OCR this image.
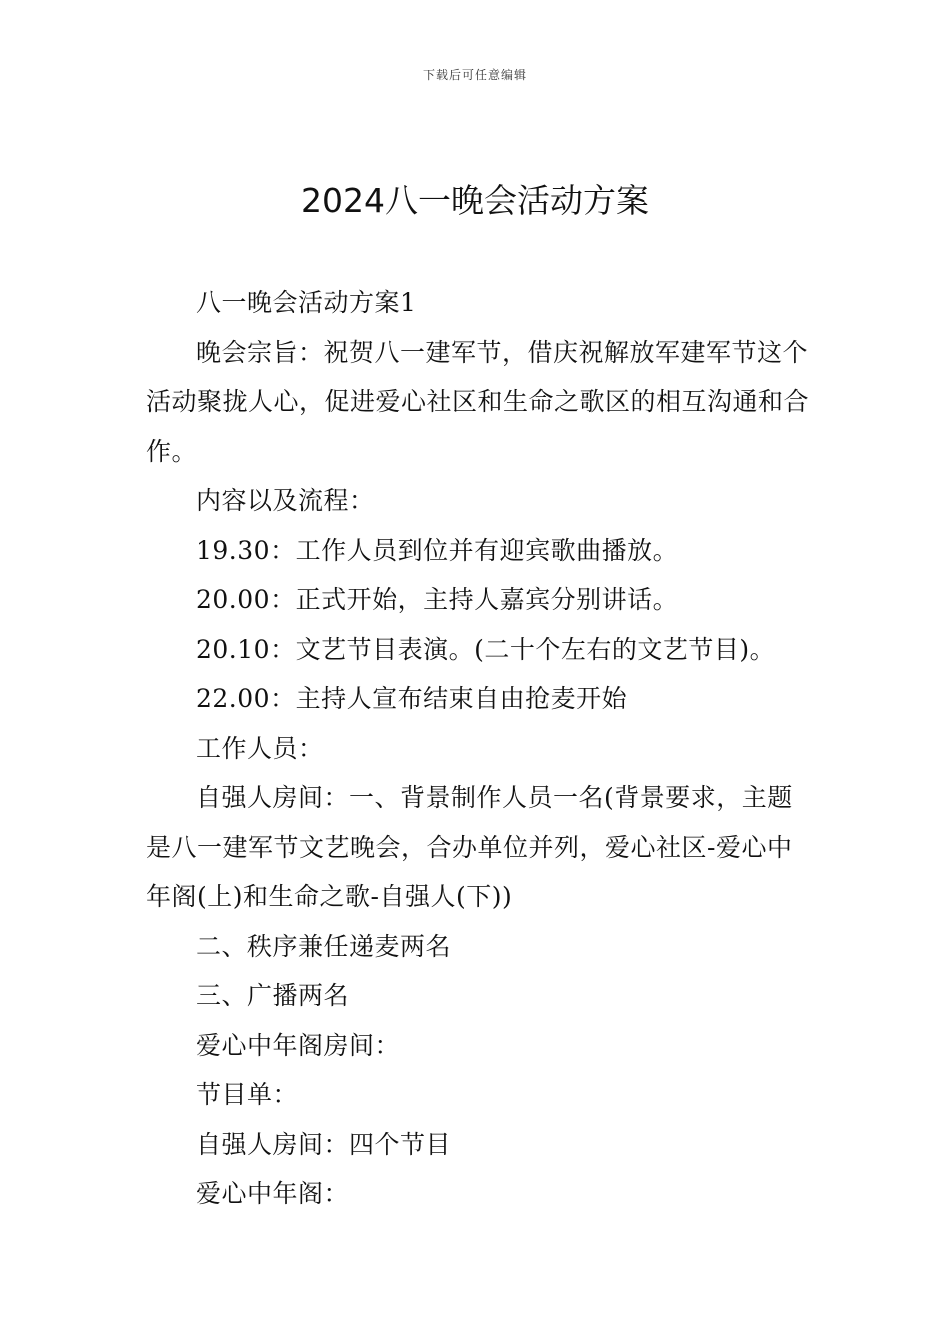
下载后可任意编辑
2024八一晚会活动方案

八一晚会活动方案1

晚会宗旨：祝贺八一建军节，借庆祝解放军建军节这个活动聚拢人心，促进爱心社区和生命之歌区的相互沟通和合作。

内容以及流程：

19.30：工作人员到位并有迎宾歌曲播放。

20.00：正式开始，主持人嘉宾分别讲话。

20.10：文艺节目表演。(二十个左右的文艺节目)。

22.00：主持人宣布结束自由抢麦开始

工作人员：

自强人房间：一、背景制作人员一名(背景要求，主题是八一建军节文艺晚会，合办单位并列，爱心社区-爱心中年阁(上)和生命之歌-自强人(下))

二、秩序兼任递麦两名

三、广播两名

爱心中年阁房间：

节目单：

自强人房间：四个节目

爱心中年阁：
